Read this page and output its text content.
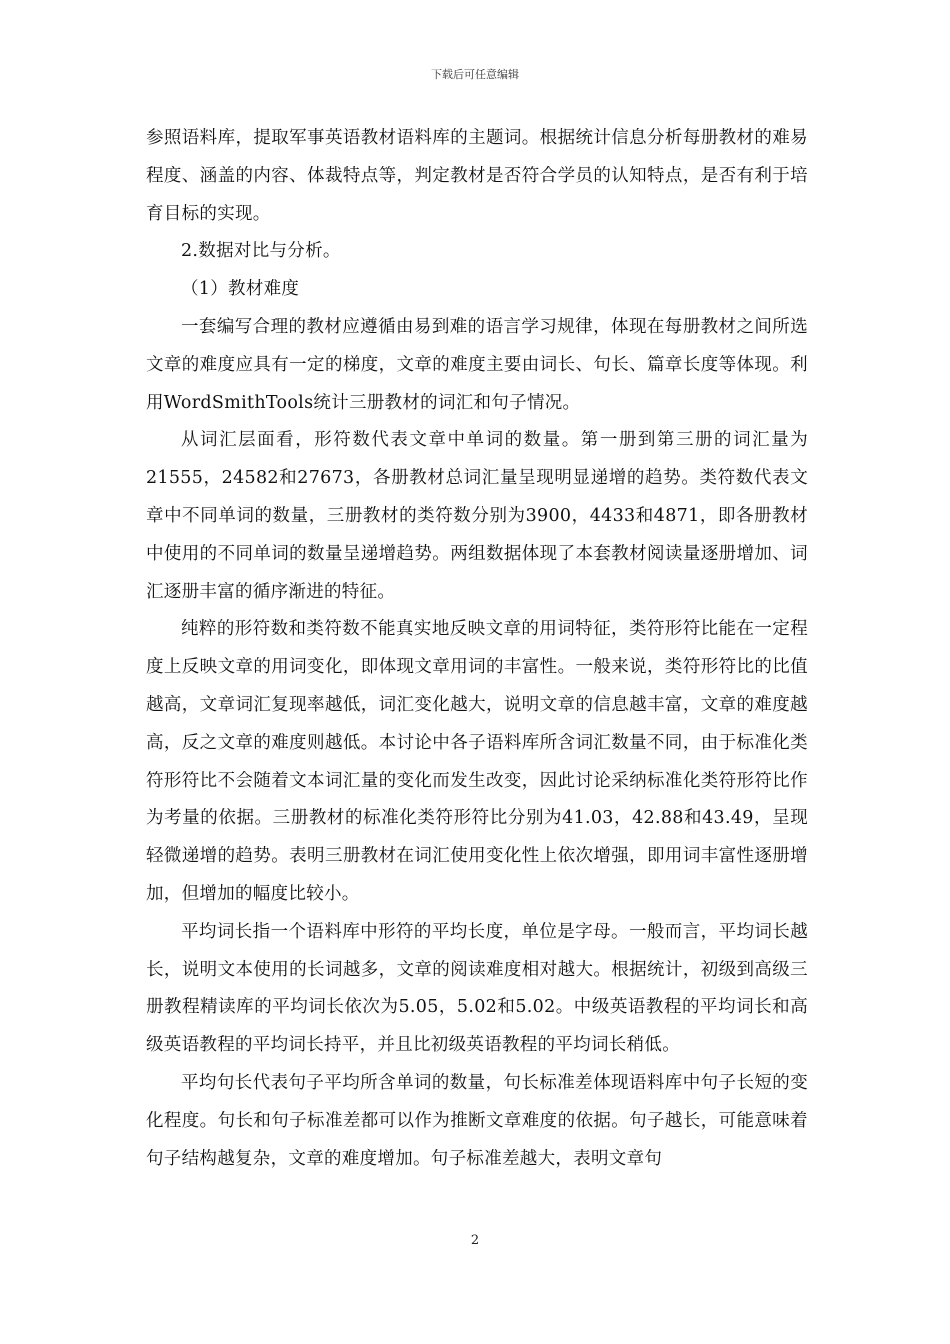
下载后可任意编辑

参照语料库，提取军事英语教材语料库的主题词。根据统计信息分析每册教材的难易程度、涵盖的内容、体裁特点等，判定教材是否符合学员的认知特点，是否有利于培育目标的实现。

2.数据对比与分析。

（1）教材难度

一套编写合理的教材应遵循由易到难的语言学习规律，体现在每册教材之间所选文章的难度应具有一定的梯度，文章的难度主要由词长、句长、篇章长度等体现。利用WordSmithTools统计三册教材的词汇和句子情况。

从词汇层面看，形符数代表文章中单词的数量。第一册到第三册的词汇量为21555，24582和27673，各册教材总词汇量呈现明显递增的趋势。类符数代表文章中不同单词的数量，三册教材的类符数分别为3900，4433和4871，即各册教材中使用的不同单词的数量呈递增趋势。两组数据体现了本套教材阅读量逐册增加、词汇逐册丰富的循序渐进的特征。

纯粹的形符数和类符数不能真实地反映文章的用词特征，类符形符比能在一定程度上反映文章的用词变化，即体现文章用词的丰富性。一般来说，类符形符比的比值越高，文章词汇复现率越低，词汇变化越大，说明文章的信息越丰富，文章的难度越高，反之文章的难度则越低。本讨论中各子语料库所含词汇数量不同，由于标准化类符形符比不会随着文本词汇量的变化而发生改变，因此讨论采纳标准化类符形符比作为考量的依据。三册教材的标准化类符形符比分别为41.03，42.88和43.49，呈现轻微递增的趋势。表明三册教材在词汇使用变化性上依次增强，即用词丰富性逐册增加，但增加的幅度比较小。

平均词长指一个语料库中形符的平均长度，单位是字母。一般而言，平均词长越长，说明文本使用的长词越多，文章的阅读难度相对越大。根据统计，初级到高级三册教程精读库的平均词长依次为5.05，5.02和5.02。中级英语教程的平均词长和高级英语教程的平均词长持平，并且比初级英语教程的平均词长稍低。

平均句长代表句子平均所含单词的数量，句长标准差体现语料库中句子长短的变化程度。句长和句子标准差都可以作为推断文章难度的依据。句子越长，可能意味着句子结构越复杂，文章的难度增加。句子标准差越大，表明文章句

2
